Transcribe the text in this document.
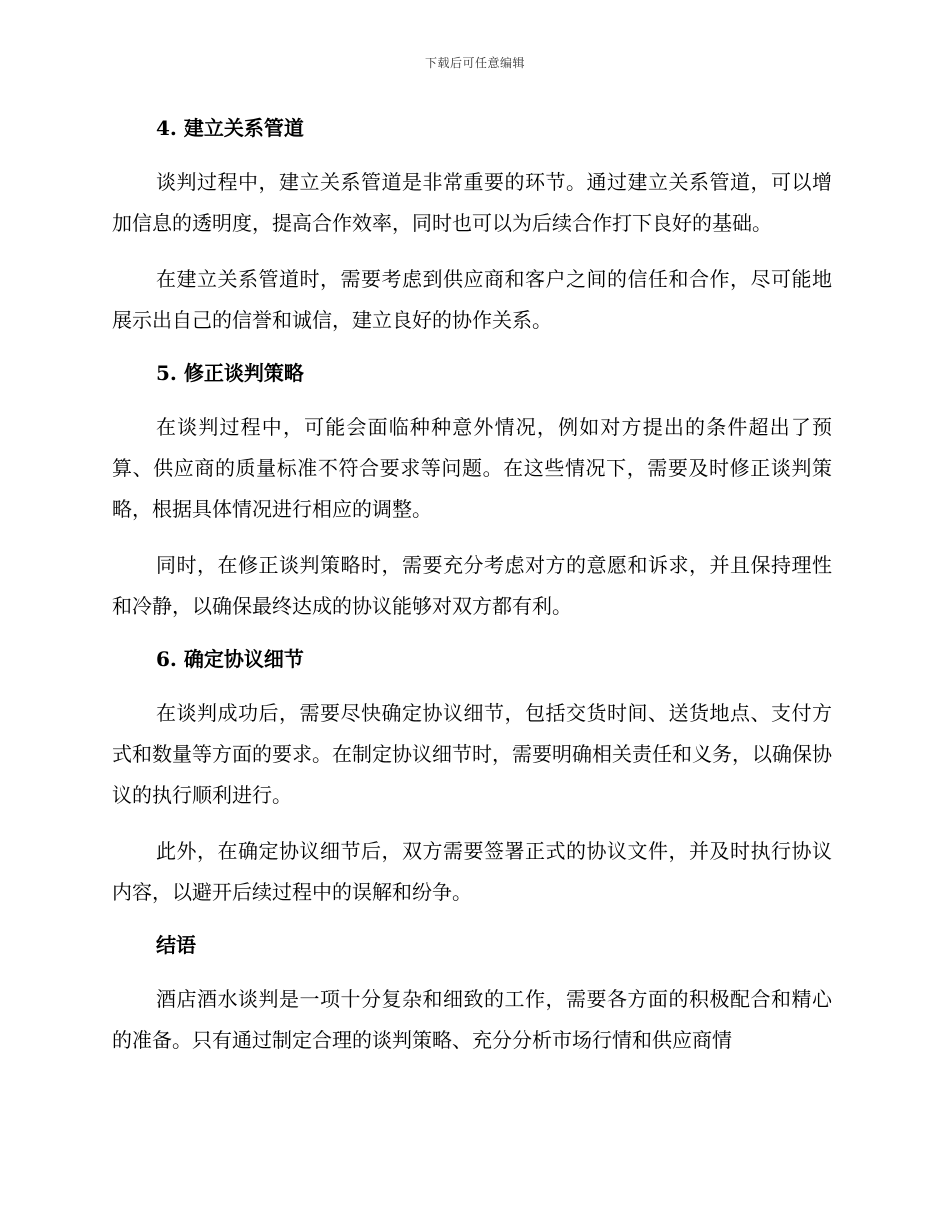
下载后可任意编辑
4. 建立关系管道

谈判过程中，建立关系管道是非常重要的环节。通过建立关系管道，可以增加信息的透明度，提高合作效率，同时也可以为后续合作打下良好的基础。

在建立关系管道时，需要考虑到供应商和客户之间的信任和合作，尽可能地展示出自己的信誉和诚信，建立良好的协作关系。

5. 修正谈判策略

在谈判过程中，可能会面临种种意外情况，例如对方提出的条件超出了预算、供应商的质量标准不符合要求等问题。在这些情况下，需要及时修正谈判策略，根据具体情况进行相应的调整。

同时，在修正谈判策略时，需要充分考虑对方的意愿和诉求，并且保持理性和冷静，以确保最终达成的协议能够对双方都有利。

6. 确定协议细节

在谈判成功后，需要尽快确定协议细节，包括交货时间、送货地点、支付方式和数量等方面的要求。在制定协议细节时，需要明确相关责任和义务，以确保协议的执行顺利进行。

此外，在确定协议细节后，双方需要签署正式的协议文件，并及时执行协议内容，以避开后续过程中的误解和纷争。

结语

酒店酒水谈判是一项十分复杂和细致的工作，需要各方面的积极配合和精心的准备。只有通过制定合理的谈判策略、充分分析市场行情和供应商情
